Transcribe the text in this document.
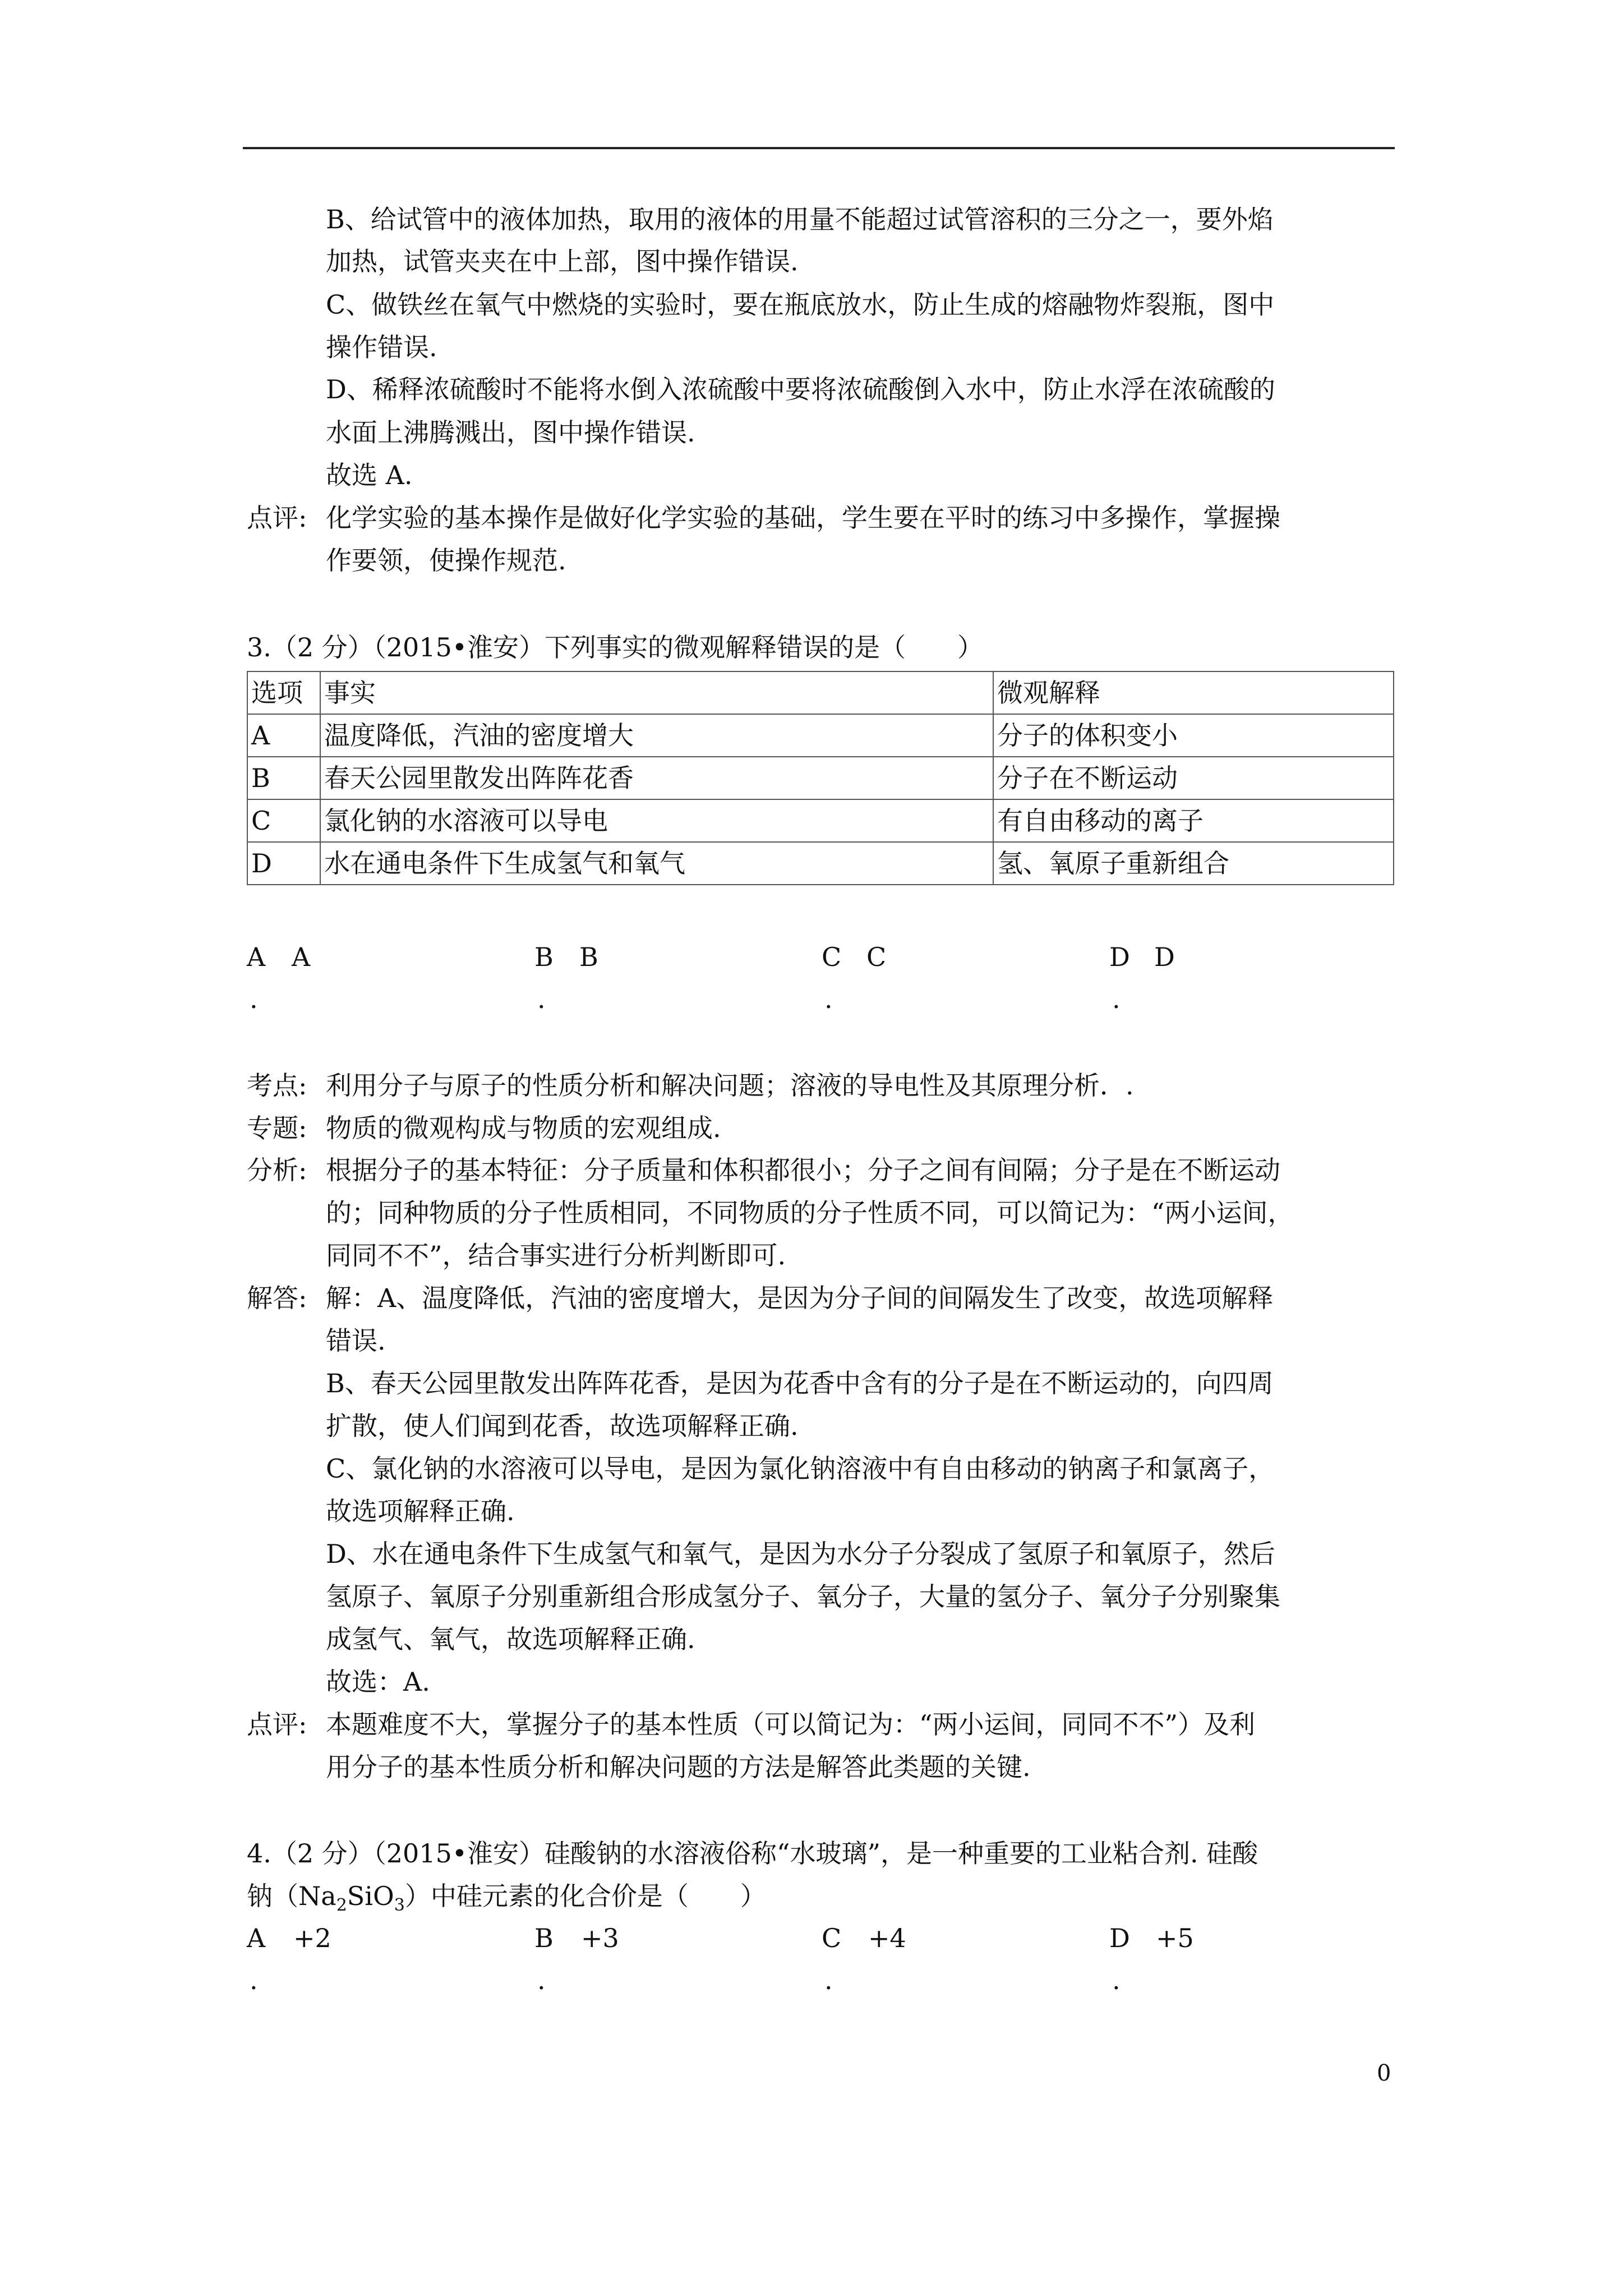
B、给试管中的液体加热，取用的液体的用量不能超过试管溶积的三分之一，要外焰
加热，试管夹夹在中上部，图中操作错误.
C、做铁丝在氧气中燃烧的实验时，要在瓶底放水，防止生成的熔融物炸裂瓶，图中
操作错误.
D、稀释浓硫酸时不能将水倒入浓硫酸中要将浓硫酸倒入水中，防止水浮在浓硫酸的
水面上沸腾溅出，图中操作错误.
故选 A.
点评: 化学实验的基本操作是做好化学实验的基础，学生要在平时的练习中多操作，掌握操
作要领，使操作规范.
3.（2 分）（2015•淮安）下列事实的微观解释错误的是（　　）
选项	事实	微观解释
A	温度降低，汽油的密度增大	分子的体积变小
B	春天公园里散发出阵阵花香	分子在不断运动
C	氯化钠的水溶液可以导电	有自由移动的离子
D	水在通电条件下生成氢气和氧气	氢、氧原子重新组合
A A
.
B B
.
C C
.
D D
.
考点: 利用分子与原子的性质分析和解决问题；溶液的导电性及其原理分析．.
专题: 物质的微观构成与物质的宏观组成.
分析: 根据分子的基本特征：分子质量和体积都很小；分子之间有间隔；分子是在不断运动
的；同种物质的分子性质相同，不同物质的分子性质不同，可以简记为：“两小运间，
同同不不”，结合事实进行分析判断即可.
解答: 解：A、温度降低，汽油的密度增大，是因为分子间的间隔发生了改变，故选项解释
错误.
B、春天公园里散发出阵阵花香，是因为花香中含有的分子是在不断运动的，向四周
扩散，使人们闻到花香，故选项解释正确.
C、氯化钠的水溶液可以导电，是因为氯化钠溶液中有自由移动的钠离子和氯离子，
故选项解释正确.
D、水在通电条件下生成氢气和氧气，是因为水分子分裂成了氢原子和氧原子，然后
氢原子、氧原子分别重新组合形成氢分子、氧分子，大量的氢分子、氧分子分别聚集
成氢气、氧气，故选项解释正确.
故选：A.
点评: 本题难度不大，掌握分子的基本性质（可以简记为：“两小运间，同同不不”）及利
用分子的基本性质分析和解决问题的方法是解答此类题的关键.
4.（2 分）（2015•淮安）硅酸钠的水溶液俗称“水玻璃”，是一种重要的工业粘合剂. 硅酸
钠$(Na_2SiO_3)$中硅元素的化合价是（　　）
A +2
.
B +3
.
C +4
.
D +5
.
0
